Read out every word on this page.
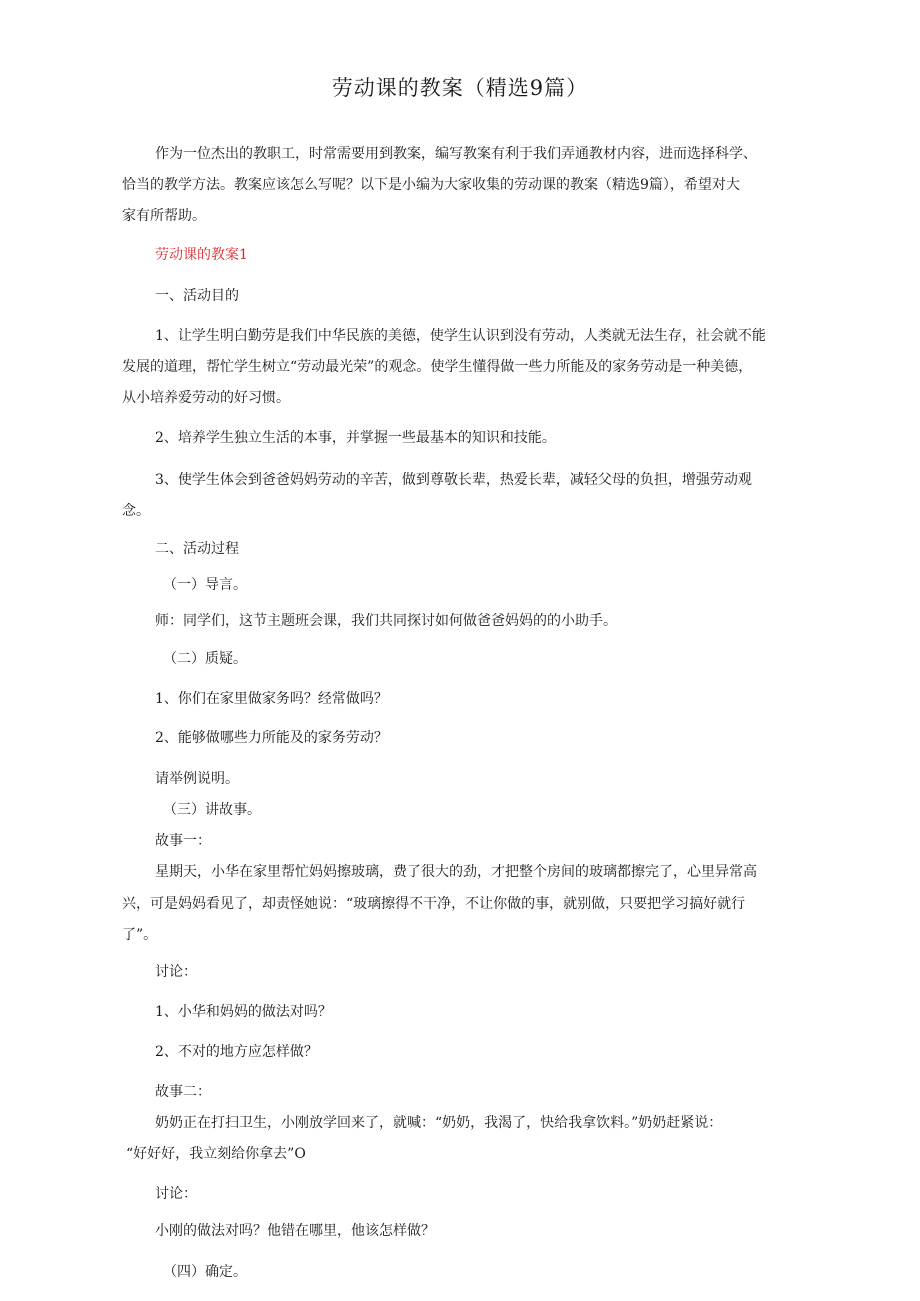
劳动课的教案（精选9篇）
作为一位杰出的教职工，时常需要用到教案，编写教案有利于我们弄通教材内容，进而选择科学、
恰当的教学方法。教案应该怎么写呢？以下是小编为大家收集的劳动课的教案（精选9篇），希望对大
家有所帮助。
劳动课的教案1
一、活动目的
1、让学生明白勤劳是我们中华民族的美德，使学生认识到没有劳动，人类就无法生存，社会就不能
发展的道理，帮忙学生树立“劳动最光荣”的观念。使学生懂得做一些力所能及的家务劳动是一种美德，
从小培养爱劳动的好习惯。
2、培养学生独立生活的本事，并掌握一些最基本的知识和技能。
3、使学生体会到爸爸妈妈劳动的辛苦，做到尊敬长辈，热爱长辈，减轻父母的负担，增强劳动观
念。
二、活动过程
（一）导言。
师：同学们，这节主题班会课，我们共同探讨如何做爸爸妈妈的的小助手。
（二）质疑。
1、你们在家里做家务吗？经常做吗？
2、能够做哪些力所能及的家务劳动？
请举例说明。
（三）讲故事。
故事一：
星期天，小华在家里帮忙妈妈擦玻璃，费了很大的劲，才把整个房间的玻璃都擦完了，心里异常高
兴，可是妈妈看见了，却责怪她说：“玻璃擦得不干净，不让你做的事，就别做，只要把学习搞好就行
了”。
讨论：
1、小华和妈妈的做法对吗？
2、不对的地方应怎样做？
故事二：
奶奶正在打扫卫生，小刚放学回来了，就喊：“奶奶，我渴了，快给我拿饮料。”奶奶赶紧说：
“好好好，我立刻给你拿去”O
讨论：
小刚的做法对吗？他错在哪里，他该怎样做？
（四）确定。
